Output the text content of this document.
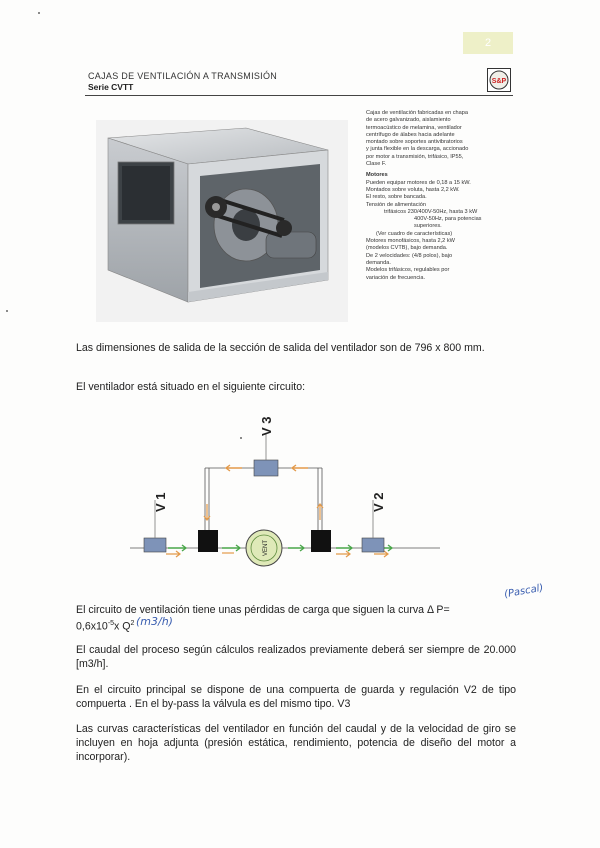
2
CAJAS DE VENTILACIÓN A TRANSMISIÓN
Serie CVTT
S&P

Cajas de ventilación fabricadas en chapa

de acero galvanizado, aislamiento

termoacústico de melamina, ventilador

centrífugo de álabes hacia adelante

montado sobre soportes antivibratorios

y junta flexible en la descarga, accionado

por motor a transmisión, trifásico, IP55,

Clase F.

Motores

Pueden equipar motores de 0,18 a 15 kW.

Montados sobre voluta, hasta 2,2 kW.

El resto, sobre bancada.

Tensión de alimentación

trifásicos 230/400V-50Hz, hasta 3 kW

400V-50Hz, para potencias

superiores.

(Ver cuadro de características)

Motores monofásicos, hasta 2,2 kW

(modelos CVTB), bajo demanda.

De 2 velocidades: (4/8 polos), bajo

demanda.

Modelos trifásicos, regulables por

variación de frecuencia.

Las dimensiones de salida de la sección de salida del ventilador son de 796 x 800 mm.
El ventilador está situado en el siguiente circuito:
V 1
V 3
V 2
VENT
El circuito de ventilación tiene unas pérdidas de carga que siguen la curva Δ P=
$0,6x10^{-5}x$ $Q^2$ (m3/h)
(Pascal)
El caudal del proceso según cálculos realizados previamente deberá ser siempre de 20.000 [m3/h].
En el circuito principal se dispone de una compuerta de guarda y regulación V2 de tipo compuerta . En el by-pass la válvula es del mismo tipo. V3
Las curvas características del ventilador en función del caudal y de la velocidad de giro se incluyen en hoja adjunta (presión estática, rendimiento, potencia de diseño del motor a incorporar).
